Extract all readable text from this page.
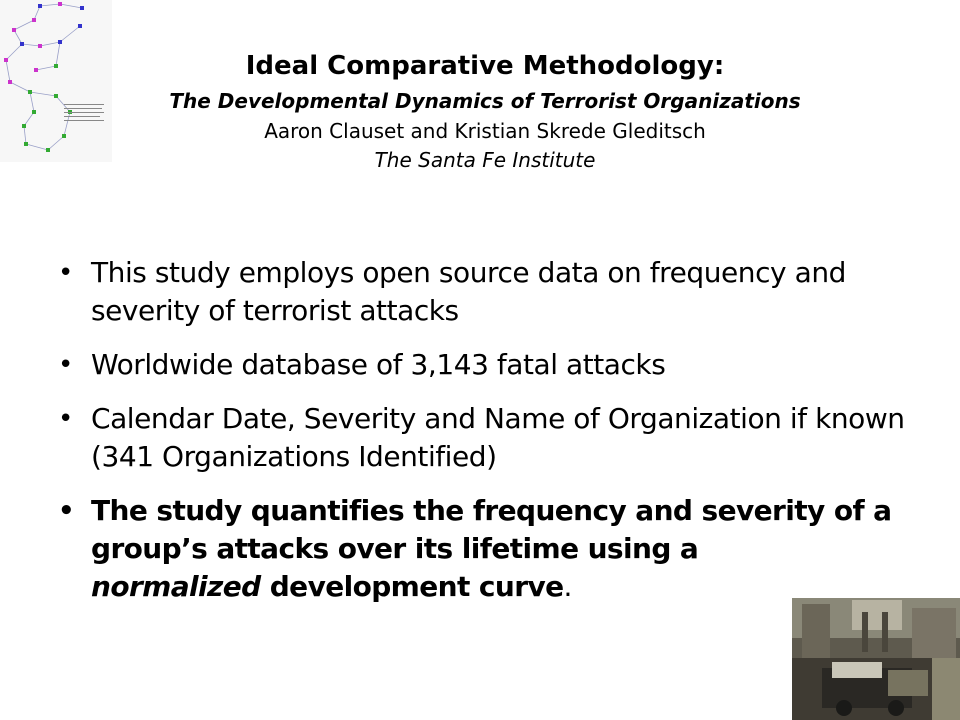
Ideal Comparative Methodology:
The Developmental Dynamics of Terrorist Organizations
Aaron Clauset and Kristian Skrede Gleditsch
The Santa Fe Institute
• This study employs open source data on frequency and severity of terrorist attacks
• Worldwide database of 3,143 fatal attacks
• Calendar Date, Severity and Name of Organization if known (341 Organizations Identified)
• The study quantifies the frequency and severity of a group’s attacks over its lifetime using a
normalized development curve.
